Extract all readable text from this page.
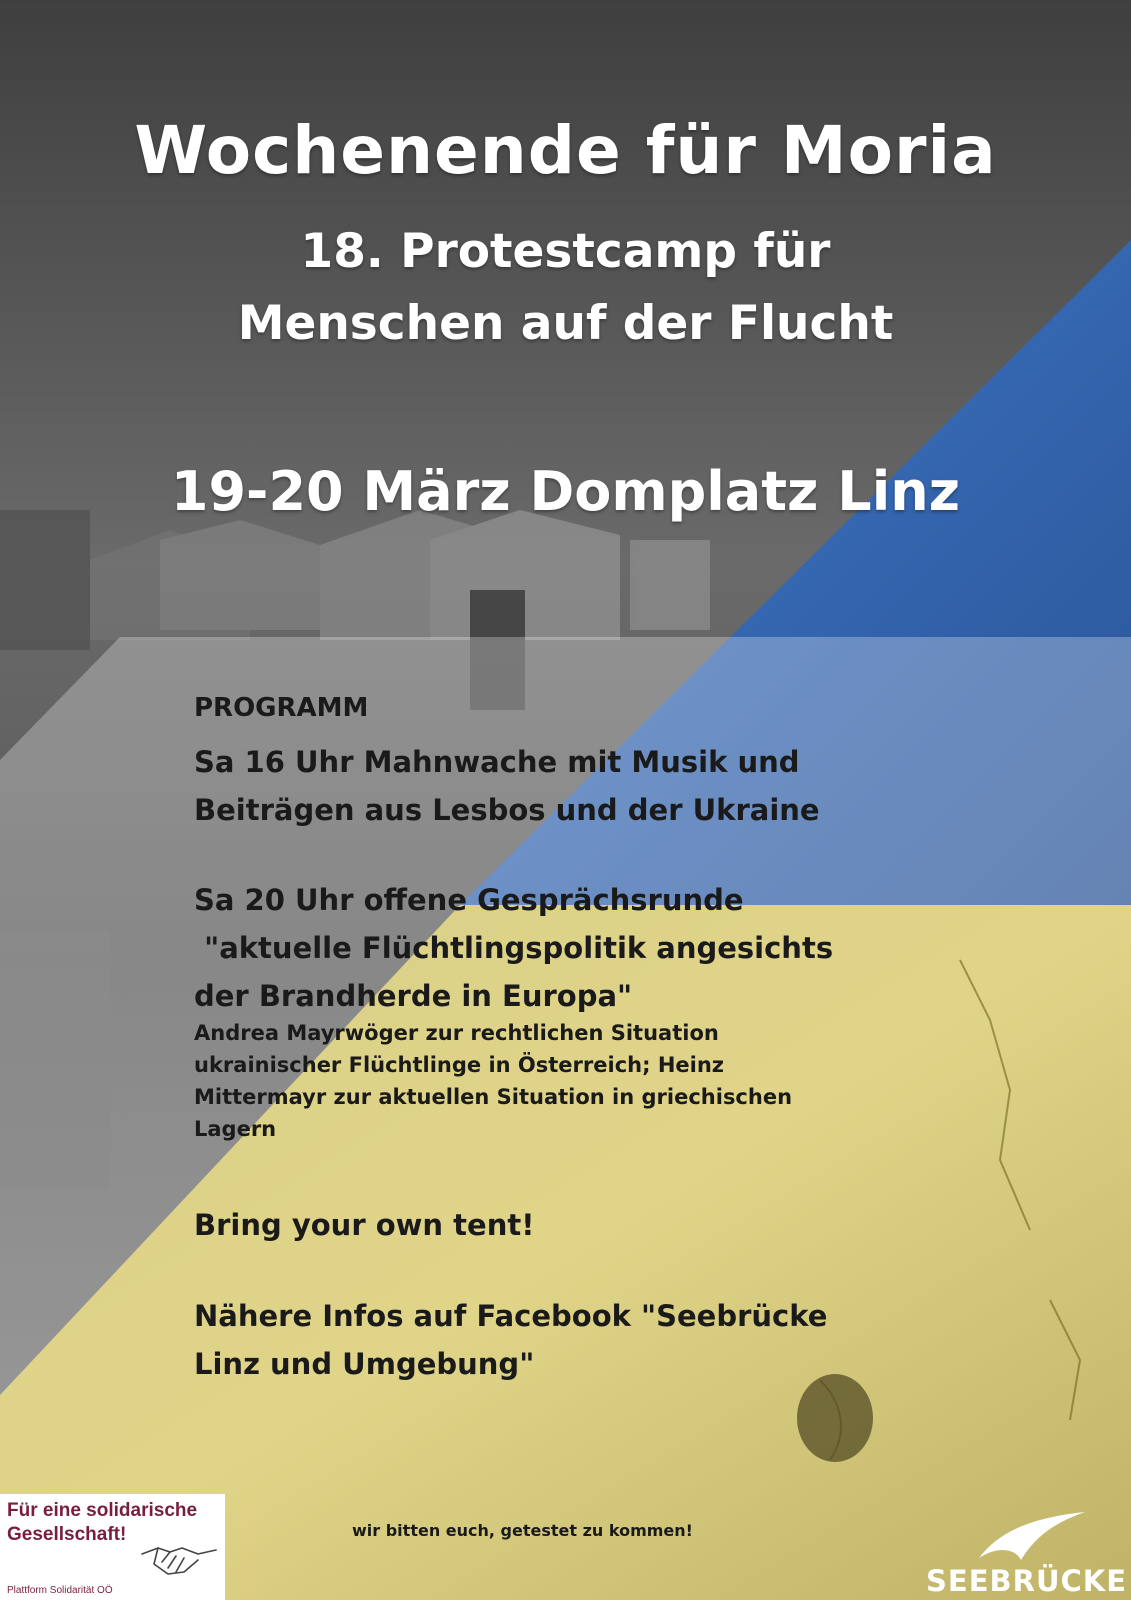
Wochenende für Moria
18. Protestcamp für
Menschen auf der Flucht
19-20 März Domplatz Linz
PROGRAMM
Sa 16 Uhr Mahnwache mit Musik und
Beiträgen aus Lesbos und der Ukraine
Sa 20 Uhr offene Gesprächsrunde
"aktuelle Flüchtlingspolitik angesichts
der Brandherde in Europa"
Andrea Mayrwöger zur rechtlichen Situation
ukrainischer Flüchtlinge in Österreich; Heinz
Mittermayr zur aktuellen Situation in griechischen
Lagern
Bring your own tent!
Nähere Infos auf Facebook "Seebrücke
Linz und Umgebung"
wir bitten euch, getestet zu kommen!
Für eine solidarische
Gesellschaft!
Plattform Solidarität OÖ	SEEBRÜCKE
